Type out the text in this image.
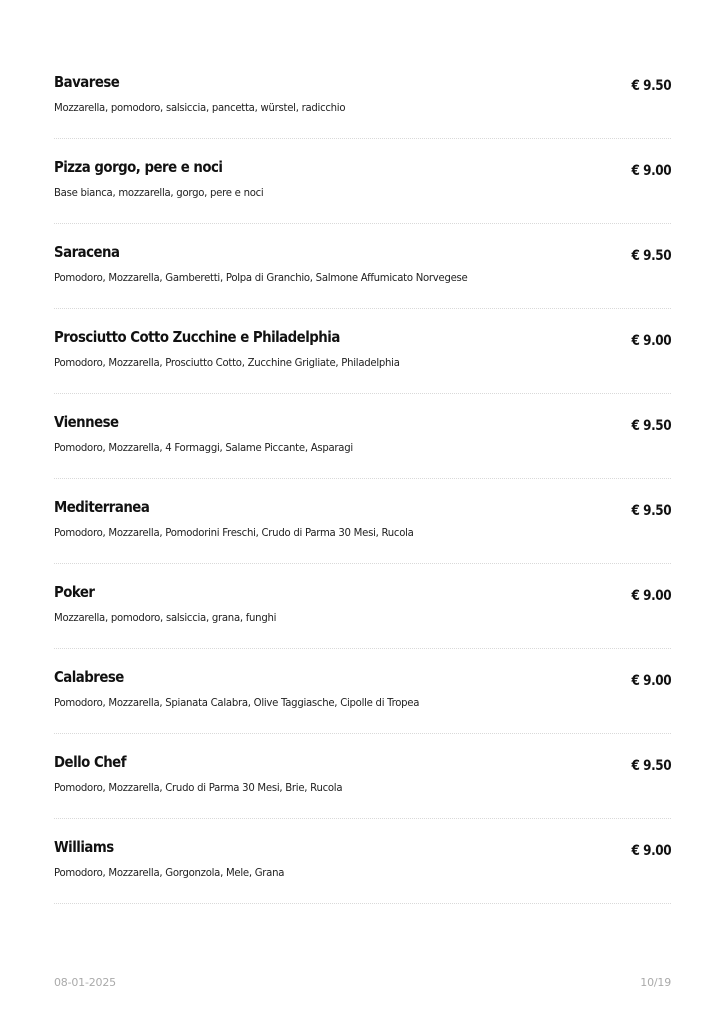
Bavarese
Mozzarella, pomodoro, salsiccia, pancetta, würstel, radicchio
€ 9.50
Pizza gorgo, pere e noci
Base bianca, mozzarella, gorgo, pere e noci
€ 9.00
Saracena
Pomodoro, Mozzarella, Gamberetti, Polpa di Granchio, Salmone Affumicato Norvegese
€ 9.50
Prosciutto Cotto Zucchine e Philadelphia
Pomodoro, Mozzarella, Prosciutto Cotto, Zucchine Grigliate, Philadelphia
€ 9.00
Viennese
Pomodoro, Mozzarella, 4 Formaggi, Salame Piccante, Asparagi
€ 9.50
Mediterranea
Pomodoro, Mozzarella, Pomodorini Freschi, Crudo di Parma 30 Mesi, Rucola
€ 9.50
Poker
Mozzarella, pomodoro, salsiccia, grana, funghi
€ 9.00
Calabrese
Pomodoro, Mozzarella, Spianata Calabra, Olive Taggiasche, Cipolle di Tropea
€ 9.00
Dello Chef
Pomodoro, Mozzarella, Crudo di Parma 30 Mesi, Brie, Rucola
€ 9.50
Williams
Pomodoro, Mozzarella, Gorgonzola, Mele, Grana
€ 9.00
08-01-2025	10/19
